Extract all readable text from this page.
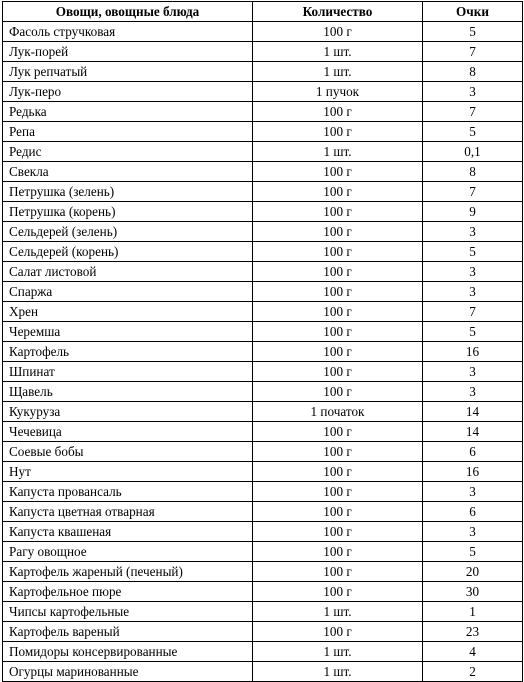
Овощи, овощные блюда	Количество	Очки
Фасоль стручковая	100 г	5
Лук-порей	1 шт.	7
Лук репчатый	1 шт.	8
Лук-перо	1 пучок	3
Редька	100 г	7
Репа	100 г	5
Редис	1 шт.	0,1
Свекла	100 г	8
Петрушка (зелень)	100 г	7
Петрушка (корень)	100 г	9
Сельдерей (зелень)	100 г	3
Сельдерей (корень)	100 г	5
Салат листовой	100 г	3
Спаржа	100 г	3
Хрен	100 г	7
Черемша	100 г	5
Картофель	100 г	16
Шпинат	100 г	3
Щавель	100 г	3
Кукуруза	1 початок	14
Чечевица	100 г	14
Соевые бобы	100 г	6
Нут	100 г	16
Капуста провансаль	100 г	3
Капуста цветная отварная	100 г	6
Капуста квашеная	100 г	3
Рагу овощное	100 г	5
Картофель жареный (печеный)	100 г	20
Картофельное пюре	100 г	30
Чипсы картофельные	1 шт.	1
Картофель вареный	100 г	23
Помидоры консервированные	1 шт.	4
Огурцы маринованные	1 шт.	2
